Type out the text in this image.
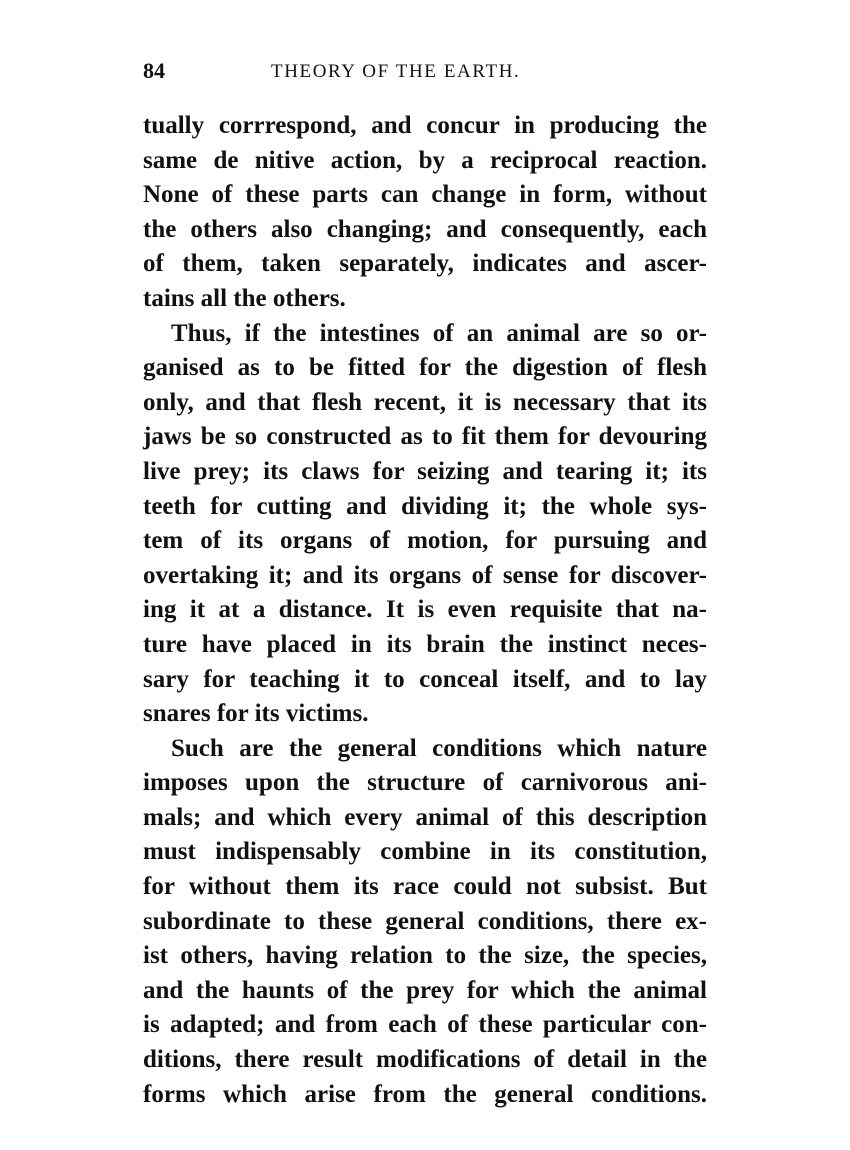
84	THEORY OF THE EARTH.
tually corrrespond, and concur in producing the
same de nitive action, by a reciprocal reaction.
None of these parts can change in form, without
the others also changing; and consequently, each
of them, taken separately, indicates and ascer-
tains all the others.
Thus, if the intestines of an animal are so or-
ganised as to be fitted for the digestion of flesh
only, and that flesh recent, it is necessary that its
jaws be so constructed as to fit them for devouring
live prey; its claws for seizing and tearing it; its
teeth for cutting and dividing it; the whole sys-
tem of its organs of motion, for pursuing and
overtaking it; and its organs of sense for discover-
ing it at a distance. It is even requisite that na-
ture have placed in its brain the instinct neces-
sary for teaching it to conceal itself, and to lay
snares for its victims.
Such are the general conditions which nature
imposes upon the structure of carnivorous ani-
mals; and which every animal of this description
must indispensably combine in its constitution,
for without them its race could not subsist. But
subordinate to these general conditions, there ex-
ist others, having relation to the size, the species,
and the haunts of the prey for which the animal
is adapted; and from each of these particular con-
ditions, there result modifications of detail in the
forms which arise from the general conditions.
